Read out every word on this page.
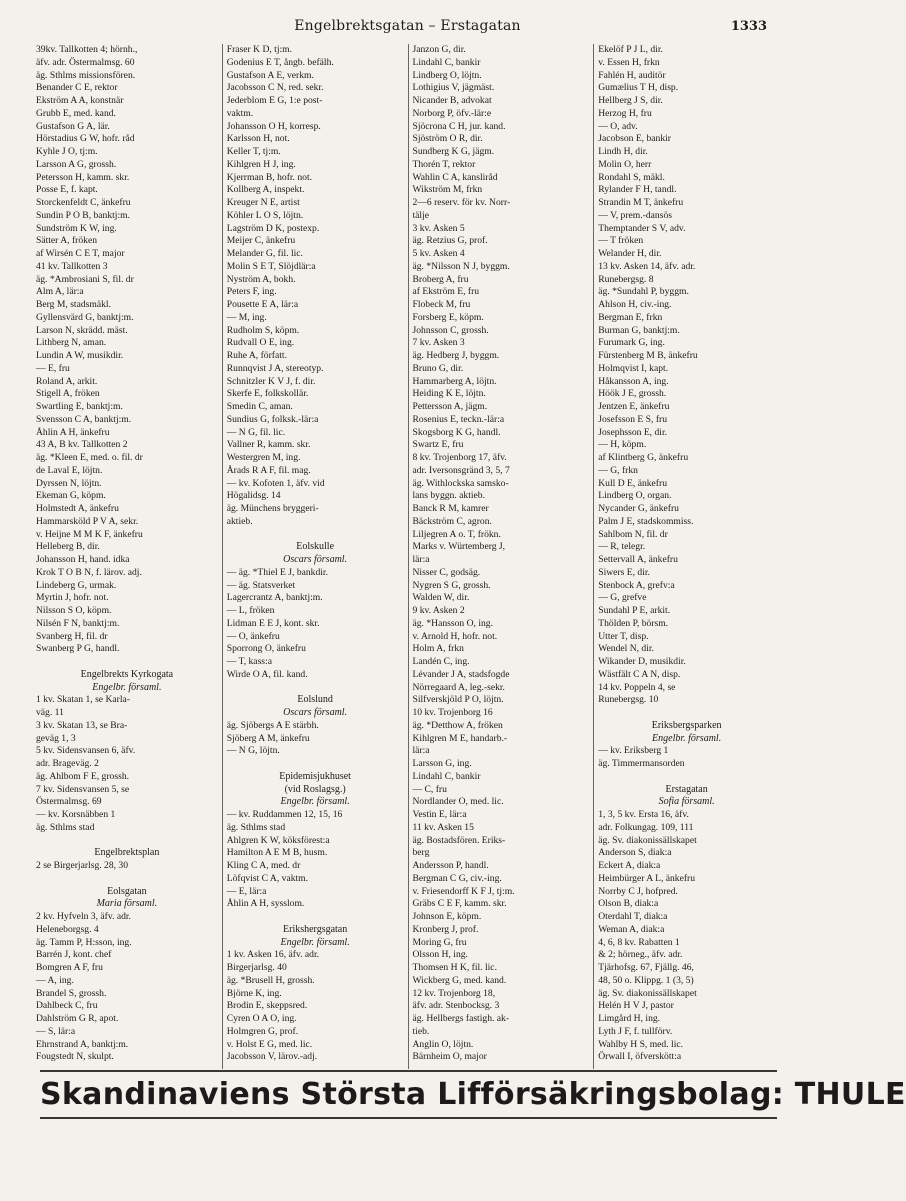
Engelbrektsgatan – Erstagatan	1333
39kv. Tallkotten 4; hörnh.,
äfv. adr. Östermalmsg. 60
äg. Sthlms missionsfören.
Benander C E, rektor
Ekström A A, konstnär
Grubb E, med. kand.
Gustafson G A, lär.
Hörstadius G W, hofr. råd
Kyhle J O, tj:m.
Larsson A G, grossh.
Petersson H, kamm. skr.
Posse E, f. kapt.
Storckenfeldt C, änkefru
Sundin P O B, banktj:m.
Sundström K W, ing.
Sätter A, fröken
af Wirsén C E T, major
41 kv. Tallkotten 3
äg. *Ambrosiani S, fil. dr
Alm A, lär:a
Berg M, stadsmäkl.
Gyllensvärd G, banktj:m.
Larson N, skrädd. mäst.
Lithberg N, aman.
Lundin A W, musikdir.
— E, fru
Roland A, arkit.
Stigell A, fröken
Swartling E, banktj:m.
Svensson C A, banktj:m.
Åhlin A H, änkefru
43 A, B kv. Tallkotten 2
äg. *Kleen E, med. o. fil. dr
de Laval E, löjtn.
Dyrssen N, löjtn.
Ekeman G, köpm.
Holmstedt A, änkefru
Hammarsköld P V A, sekr.
v. Heijne M M K F, änkefru
Helleberg B, dir.
Johansson H, hand. idka
Krok T O B N, f. lärov. adj.
Lindeberg G, urmak.
Myrtin J, hofr. not.
Nilsson S O, köpm.
Nilsén F N, banktj:m.
Svanberg H, fil. dr
Swanberg P G, handl.

Engelbrekts Kyrkogata
Engelbr. församl.
1 kv. Skatan 1, se Karla-
väg. 11
3 kv. Skatan 13, se Bra-
geväg 1, 3
5 kv. Sidensvansen 6, äfv.
adr. Brageväg. 2
äg. Ahlbom F E, grossh.
7 kv. Sidensvansen 5, se
Östermalmsg. 69
— kv. Korsnäbben 1
äg. Sthlms stad

Engelbrektsplan
2 se Birgerjarlsg. 28, 30

Eolsgatan
Maria församl.
2 kv. Hyfveln 3, äfv. adr.
Heleneborgsg. 4
äg. Tamm P, H:sson, ing.
Barrén J, kont. chef
Bomgren A F, fru
— A, ing.
Brandel S, grossh.
Dahlbeck C, fru
Dahlström G R, apot.
— S, lär:a
Ehrnstrand A, banktj:m.
Fougstedt N, skulpt.
Fraser K D, tj:m.
Godenius E T, ångb. befälh.
Gustafson A E, verkm.
Jacobsson C N, red. sekr.
Jederblom E G, 1:e post-
vaktm.
Johansson O H, korresp.
Karlsson H, not.
Keller T, tj:m.
Kihlgren H J, ing.
Kjerrman B, hofr. not.
Kollberg A, inspekt.
Kreuger N E, artist
Köhler L O S, löjtn.
Lagström D K, postexp.
Meijer C, änkefru
Melander G, fil. lic.
Molin S E T, Slöjdlär:a
Nyström A, bokh.
Peters F, ing.
Pousette E A, lär:a
— M, ing.
Rudholm S, köpm.
Rudvall O E, ing.
Ruhe A, författ.
Runnqvist J A, stereotyp.
Schnitzler K V J, f. dir.
Skerfe E, folkskollär.
Smedin C, aman.
Sundius G, folksk.-lär:a
— N G, fil. lic.
Vallner R, kamm. skr.
Westergren M, ing.
Årads R A F, fil. mag.
— kv. Kofoten 1, äfv. vid
Högalidsg. 14
äg. Münchens bryggeri-
aktieb.

Eolskulle
Oscars församl.
— äg. *Thiel E J, bankdir.
— äg. Statsverket
Lagercrantz A, banktj:m.
— L, fröken
Lidman E E J, kont. skr.
— O, änkefru
Sporrong O, änkefru
— T, kass:a
Wirde O A, fil. kand.

Eolslund
Oscars församl.
äg. Sjöbergs A E stärbh.
Sjöberg A M, änkefru
— N G, löjtn.

Epidemisjukhuset
(vid Roslagsg.)
Engelbr. församl.
— kv. Ruddammen 12, 15, 16
äg. Sthlms stad
Ahlgren K W, köksförest:a
Hamilton A E M B, husm.
Kling C A, med. dr
Löfqvist C A, vaktm.
— E, lär:a
Åhlin A H, sysslom.

Erikshergsgatan
Engelbr. församl.
1 kv. Asken 16, äfv. adr.
Birgerjarlsg. 40
äg. *Brusell H, grossh.
Björne K, ing.
Brodin E, skeppsred.
Cyren O A O, ing.
Holmgren G, prof.
v. Holst E G, med. lic.
Jacobsson V, lärov.-adj.
Janzon G, dir.
Lindahl C, bankir
Lindberg O, löjtn.
Lothigius V, jägmäst.
Nicander B, advokat
Norborg P, öfv.-lär:e
Sjöcrona C H, jur. kand.
Sjöström O R, dir.
Sundberg K G, jägm.
Thorén T, rektor
Wahlin C A, kanslіråd
Wikström M, frkn
2—6 reserv. för kv. Norr-
tälje
3 kv. Asken 5
äg. Retzius G, prof.
5 kv. Asken 4
äg. *Nilsson N J, byggm.
Broberg A, fru
af Ekström E, fru
Flobeck M, fru
Forsberg E, köpm.
Johnsson C, grossh.
7 kv. Asken 3
äg. Hedberg J, byggm.
Bruno G, dir.
Hammarberg A, löjtn.
Heiding K E, löjtn.
Pettersson A, jägm.
Rosenius E, teckn.-lär:a
Skogsborg K G, handl.
Swartz E, fru
8 kv. Trojenborg 17, äfv.
adr. Iversonsgränd 3, 5, 7
äg. Withlockska samsko-
lans byggn. aktieb.
Banck R M, kamrer
Bäckström C, agron.
Liljegren A o. T, frökn.
Marks v. Würtemberg J,
lär:a
Nisser C, godsäg.
Nygren S G, grossh.
Walden W, dir.
9 kv. Asken 2
äg. *Hansson O, ing.
v. Arnold H, hofr. not.
Holm A, frkn
Landén C, ing.
Lévander J A, stadsfogde
Nörregaard A, leg.-sekr.
Silfverskjöld P O, löjtn.
10 kv. Trojenborg 16
äg. *Detthow A, fröken
Kihlgren M E, handarb.-
lär:a
Larsson G, ing.
Lindahl C, bankir
— C, fru
Nordlander O, med. lic.
Vestin E, lär:a
11 kv. Asken 15
äg. Bostadsfören. Eriks-
berg
Andersson P, handl.
Bergman C G, civ.-ing.
v. Friesendorff K F J, tj:m.
Gräbs C E F, kamm. skr.
Johnson E, köpm.
Kronberg J, prof.
Moring G, fru
Olsson H, ing.
Thomsen H K, fil. lic.
Wickberg G, med. kand.
12 kv. Trojenborg 18,
äfv. adr. Stenbocksg. 3
äg. Hellbergs fastigh. ak-
tieb.
Anglin O, löjtn.
Bärnheim O, major
Ekelöf P J L, dir.
v. Essen H, frkn
Fahlén H, auditör
Gumælius T H, disp.
Hellberg J S, dir.
Herzog H, fru
— O, adv.
Jacobson E, bankir
Lindh H, dir.
Molin O, herr
Rondahl S, mäkl.
Rylander F H, tandl.
Strandin M T, änkefru
— V, prem.-dansös
Themptander S V, adv.
— T fröken
Welander H, dir.
13 kv. Asken 14, äfv. adr.
Runebergsg. 8
äg. *Sundahl P, byggm.
Ahlson H, civ.-ing.
Bergman E, frkn
Burman G, banktj:m.
Furumark G, ing.
Fürstenberg M B, änkefru
Holmqvist I, kapt.
Håkansson A, ing.
Höök J E, grossh.
Jentzen E, änkefru
Josefsson E S, fru
Josephsson E, dir.
— H, köpm.
af Klintberg G, änkefru
— G, frkn
Kull D E, änkefru
Lindberg O, organ.
Nycander G, änkefru
Palm J E, stadskommiss.
Sahlbom N, fil. dr
— R, telegr.
Settervall A, änkefru
Siwers E, dir.
Stenbock A, grefv:a
— G, grefve
Sundahl P E, arkit.
Thölden P, börsm.
Utter T, disp.
Wendel N, dir.
Wikander D, musikdir.
Wästfält C A N, disp.
14 kv. Poppeln 4, se
Runebergsg. 10

Eriksbergsparken
Engelbr. församl.
— kv. Eriksberg 1
äg. Timmermansorden

Erstagatan
Sofia församl.
1, 3, 5 kv. Ersta 16, äfv.
adr. Folkungag. 109, 111
äg. Sv. diakonissällskapet
Anderson S, diak:a
Eckert A, diak:a
Heimbürger A L, änkefru
Norrby C J, hofpred.
Olson B, diak:a
Oterdahl T, diak:a
Weman A, diak:a
4, 6, 8 kv. Rabatten 1
& 2; hörneg., äfv. adr.
Tjärhofsg. 67, Fjällg. 46,
48, 50 o. Klippg. 1 (3, 5)
äg. Sv. diakonissällskapet
Helén H V J, pastor
Limgård H, ing.
Lyth J F, f. tullförv.
Wahlby H S, med. lic.
Örwall I, öfverskött:a
Skandinaviens Största Lifförsäkringsbolag: THULE
